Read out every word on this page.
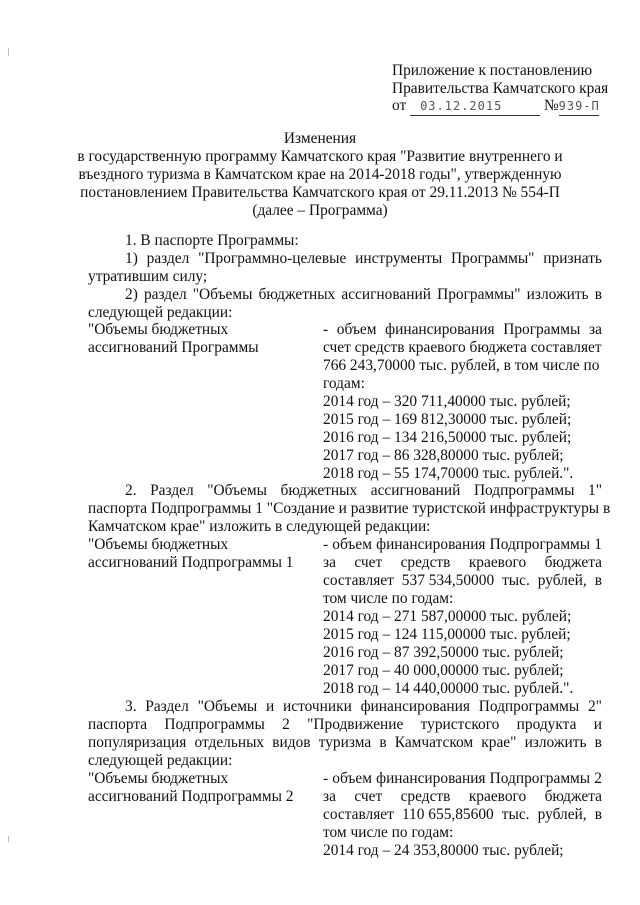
Приложение к постановлению
Правительства Камчатского края
от 03.12.2015	№939-П
Изменения
в государственную программу Камчатского края "Развитие внутреннего и
въездного туризма в Камчатском крае на 2014-2018 годы", утвержденную
постановлением Правительства Камчатского края от 29.11.2013 № 554-П
(далее – Программа)
1. В паспорте Программы:
1) раздел "Программно-целевые инструменты Программы" признать
утратившим силу;
2) раздел "Объемы бюджетных ассигнований Программы" изложить в
следующей редакции:
"Объемы бюджетных
ассигнований Программы
- объем финансирования Программы за
счет средств краевого бюджета составляет
766 243,70000 тыс. рублей, в том числе по
годам:
2014 год – 320 711,40000 тыс. рублей;
2015 год – 169 812,30000 тыс. рублей;
2016 год – 134 216,50000 тыс. рублей;
2017 год – 86 328,80000 тыс. рублей;
2018 год – 55 174,70000 тыс. рублей.".
2. Раздел "Объемы бюджетных ассигнований Подпрограммы 1"
паспорта Подпрограммы 1 "Создание и развитие туристской инфраструктуры в
Камчатском крае" изложить в следующей редакции:
"Объемы бюджетных
ассигнований Подпрограммы 1
- объем финансирования Подпрограммы 1
за счет средств краевого бюджета
составляет 537 534,50000 тыс. рублей, в
том числе по годам:
2014 год – 271 587,00000 тыс. рублей;
2015 год – 124 115,00000 тыс. рублей;
2016 год – 87 392,50000 тыс. рублей;
2017 год – 40 000,00000 тыс. рублей;
2018 год – 14 440,00000 тыс. рублей.".
3. Раздел "Объемы и источники финансирования Подпрограммы 2"
паспорта Подпрограммы 2 "Продвижение туристского продукта и
популяризация отдельных видов туризма в Камчатском крае" изложить в
следующей редакции:
"Объемы бюджетных
ассигнований Подпрограммы 2
- объем финансирования Подпрограммы 2
за счет средств краевого бюджета
составляет 110 655,85600 тыс. рублей, в
том числе по годам:
2014 год – 24 353,80000 тыс. рублей;
